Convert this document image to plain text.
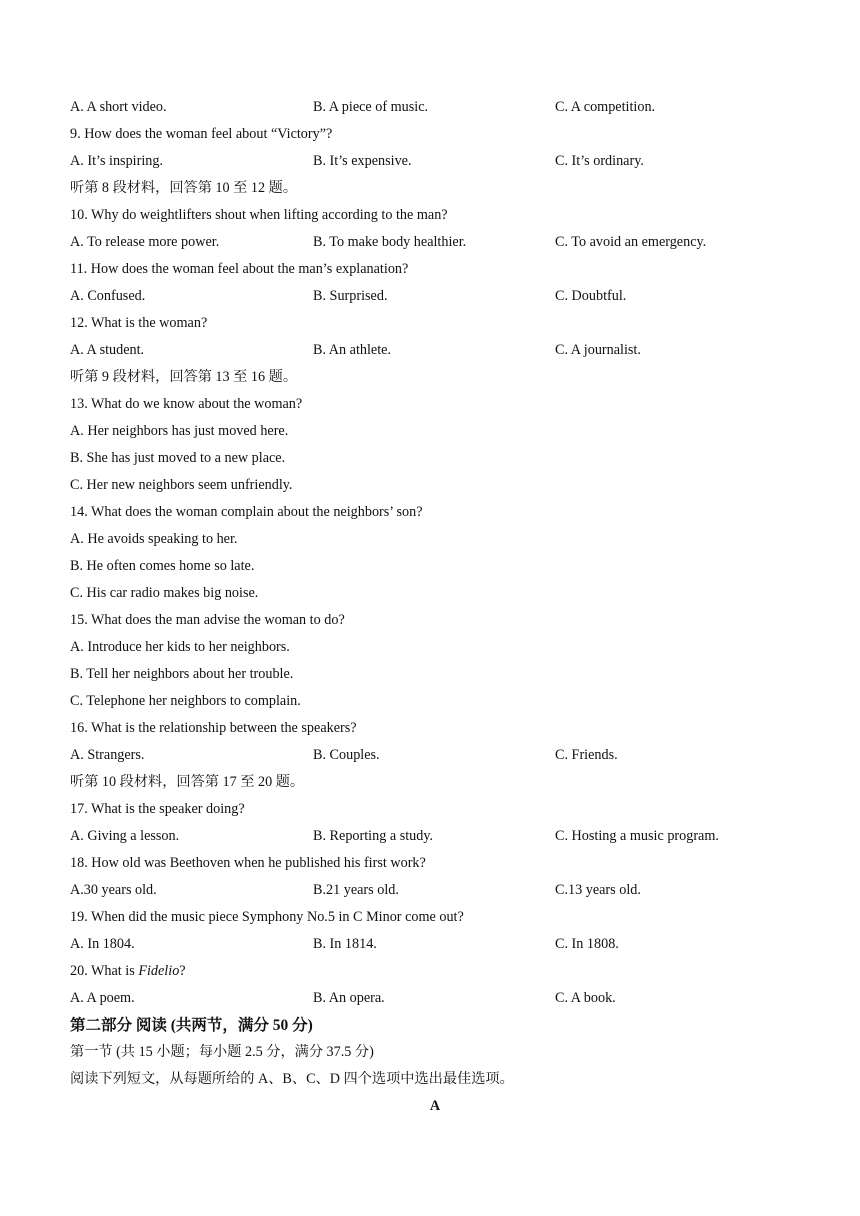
A. A short video.	B. A piece of music.	C. A competition.
9. How does the woman feel about “Victory”?
A. It’s inspiring.	B. It’s expensive.	C. It’s ordinary.
听第 8 段材料，回答第 10 至 12 题。
10. Why do weightlifters shout when lifting according to the man?
A. To release more power.	B. To make body healthier.	C. To avoid an emergency.
11. How does the woman feel about the man’s explanation?
A. Confused.	B. Surprised.	C. Doubtful.
12. What is the woman?
A. A student.	B. An athlete.	C. A journalist.
听第 9 段材料，回答第 13 至 16 题。
13. What do we know about the woman?
A. Her neighbors has just moved here.
B. She has just moved to a new place.
C. Her new neighbors seem unfriendly.
14. What does the woman complain about the neighbors’ son?
A. He avoids speaking to her.
B. He often comes home so late.
C. His car radio makes big noise.
15. What does the man advise the woman to do?
A. Introduce her kids to her neighbors.
B. Tell her neighbors about her trouble.
C. Telephone her neighbors to complain.
16. What is the relationship between the speakers?
A. Strangers.	B. Couples.	C. Friends.
听第 10 段材料，回答第 17 至 20 题。
17. What is the speaker doing?
A. Giving a lesson.	B. Reporting a study.	C. Hosting a music program.
18. How old was Beethoven when he published his first work?
A.30 years old.	B.21 years old.	C.13 years old.
19. When did the music piece Symphony No.5 in C Minor come out?
A. In 1804.	B. In 1814.	C. In 1808.
20. What is Fidelio?
A. A poem.	B. An opera.	C. A book.
第二部分 阅读 (共两节，满分 50 分)
第一节 (共 15 小题；每小题 2.5 分，满分 37.5 分)
阅读下列短文，从每题所给的 A、B、C、D 四个选项中选出最佳选项。
A
